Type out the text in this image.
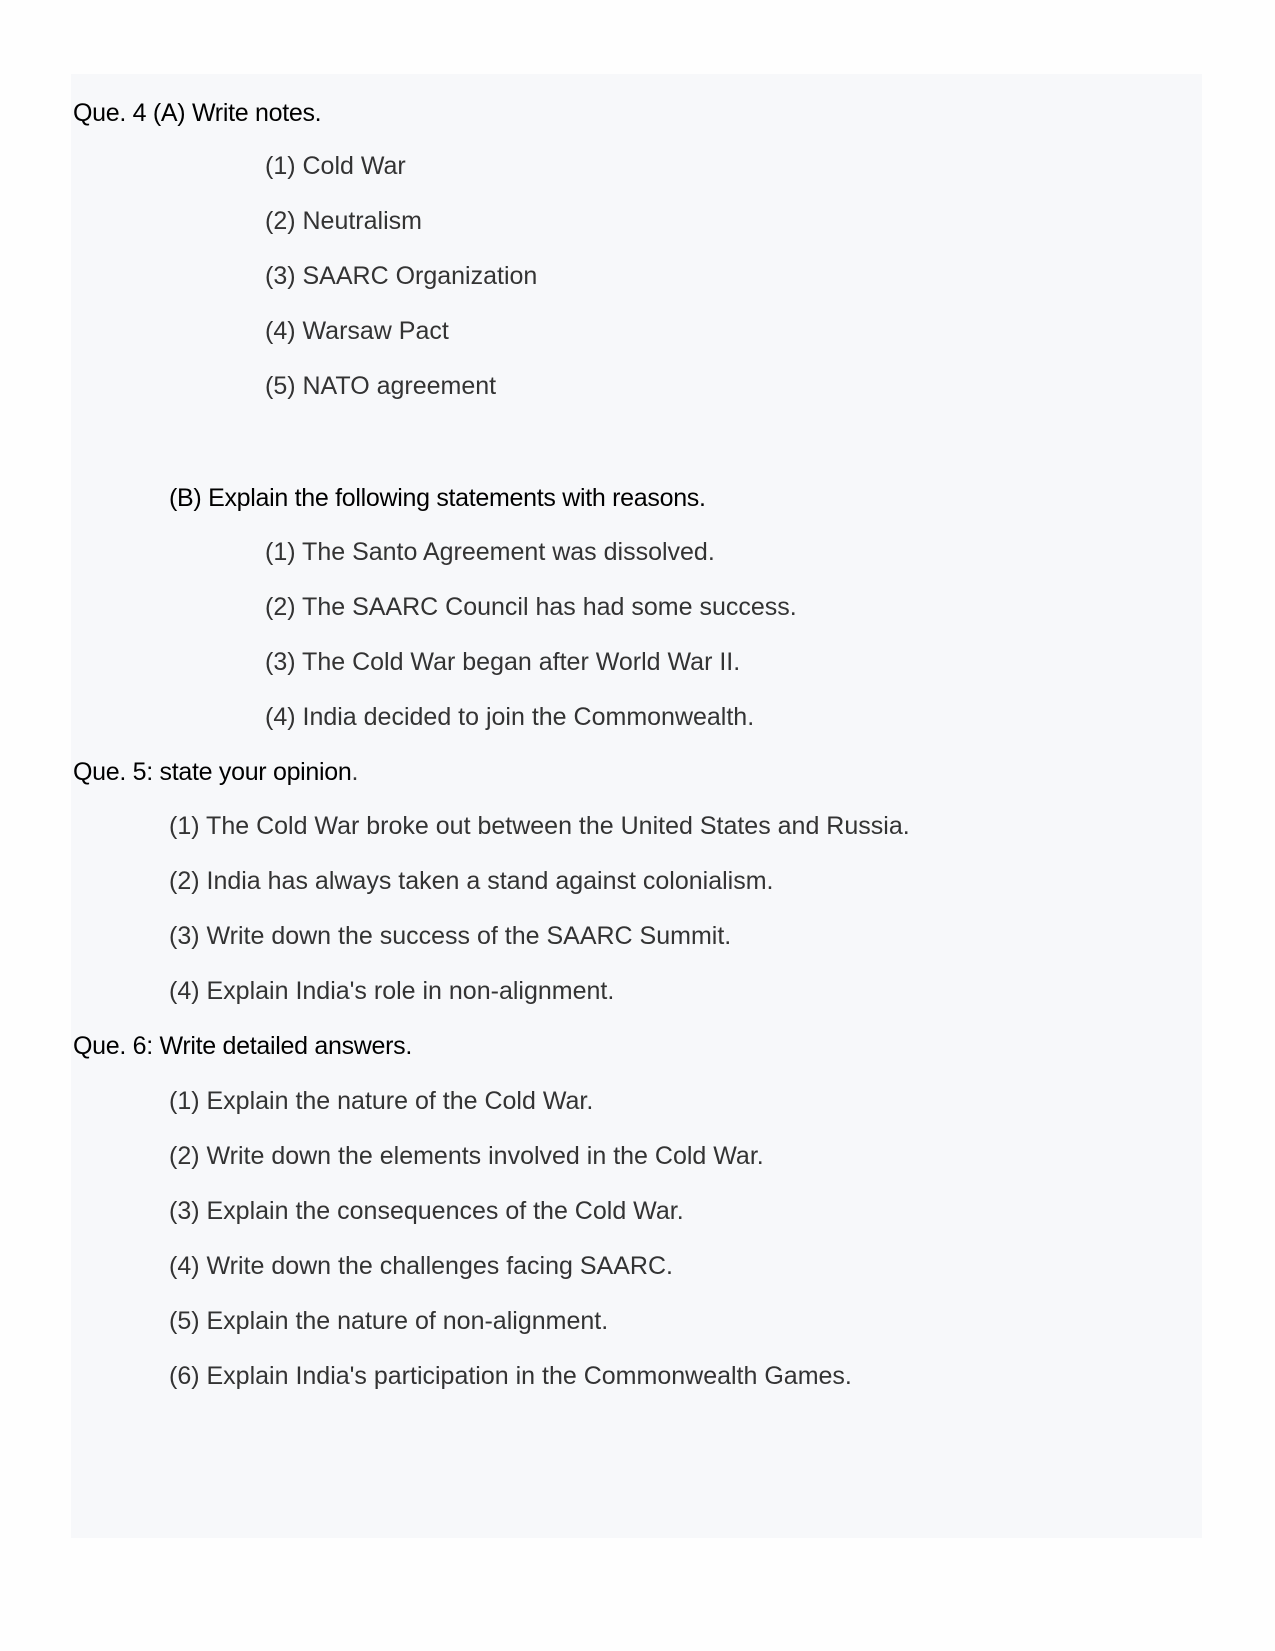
Que. 4 (A) Write notes.
(1) Cold War
(2) Neutralism
(3) SAARC Organization
(4) Warsaw Pact
(5) NATO agreement
(B) Explain the following statements with reasons.
(1) The Santo Agreement was dissolved.
(2) The SAARC Council has had some success.
(3) The Cold War began after World War II.
(4) India decided to join the Commonwealth.
Que. 5: state your opinion.
(1) The Cold War broke out between the United States and Russia.
(2) India has always taken a stand against colonialism.
(3) Write down the success of the SAARC Summit.
(4) Explain India's role in non-alignment.
Que. 6: Write detailed answers.
(1) Explain the nature of the Cold War.
(2) Write down the elements involved in the Cold War.
(3) Explain the consequences of the Cold War.
(4) Write down the challenges facing SAARC.
(5) Explain the nature of non-alignment.
(6) Explain India's participation in the Commonwealth Games.
